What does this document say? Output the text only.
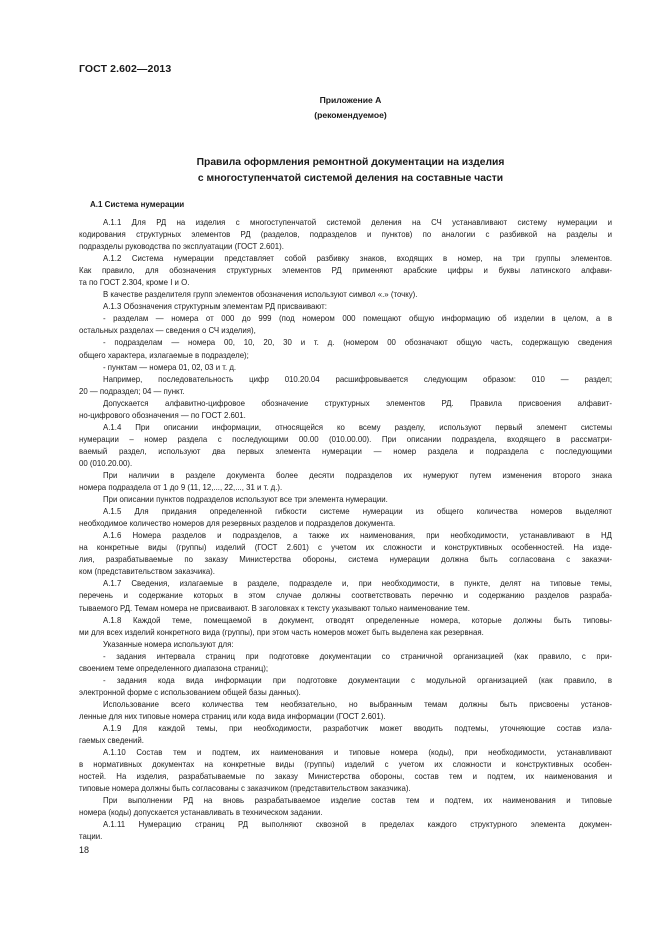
ГОСТ 2.602—2013
Приложение А
(рекомендуемое)
Правила оформления ремонтной документации на изделия
с многоступенчатой системой деления на составные части
А.1 Система нумерации
А.1.1 Для РД на изделия с многоступенчатой системой деления на СЧ устанавливают систему нумерации и
кодирования структурных элементов РД (разделов, подразделов и пунктов) по аналогии с разбивкой на разделы и
подразделы руководства по эксплуатации (ГОСТ 2.601).
А.1.2 Система нумерации представляет собой разбивку знаков, входящих в номер, на три группы элементов.
Как правило, для обозначения структурных элементов РД применяют арабские цифры и буквы латинского алфави-
та по ГОСТ 2.304, кроме I и O.
В качестве разделителя групп элементов обозначения используют символ «.» (точку).
А.1.3 Обозначения структурным элементам РД присваивают:
- разделам — номера от 000 до 999 (под номером 000 помещают общую информацию об изделии в целом, а в
остальных разделах — сведения о СЧ изделия),
- подразделам — номера 00, 10, 20, 30 и т. д. (номером 00 обозначают общую часть, содержащую сведения
общего характера, излагаемые в подразделе);
- пунктам — номера 01, 02, 03 и т. д.
Например, последовательность цифр 010.20.04 расшифровывается следующим образом: 010 — раздел;
20 — подраздел; 04 — пункт.
Допускается алфавитно-цифровое обозначение структурных элементов РД. Правила присвоения алфавит-
но-цифрового обозначения — по ГОСТ 2.601.
А.1.4 При описании информации, относящейся ко всему разделу, используют первый элемент системы
нумерации – номер раздела с последующими 00.00 (010.00.00). При описании подраздела, входящего в рассматри-
ваемый раздел, используют два первых элемента нумерации — номер раздела и подраздела с последующими
00 (010.20.00).
При наличии в разделе документа более десяти подразделов их нумеруют путем изменения второго знака
номера подраздела от 1 до 9 (11, 12,..., 22,..., 31 и т. д.).
При описании пунктов подразделов используют все три элемента нумерации.
А.1.5 Для придания определенной гибкости системе нумерации из общего количества номеров выделяют
необходимое количество номеров для резервных разделов и подразделов документа.
А.1.6 Номера разделов и подразделов, а также их наименования, при необходимости, устанавливают в НД
на конкретные виды (группы) изделий (ГОСТ 2.601) с учетом их сложности и конструктивных особенностей. На изде-
лия, разрабатываемые по заказу Министерства обороны, система нумерации должна быть согласована с заказчи-
ком (представительством заказчика).
А.1.7 Сведения, излагаемые в разделе, подразделе и, при необходимости, в пункте, делят на типовые темы,
перечень и содержание которых в этом случае должны соответствовать перечню и содержанию разделов разраба-
тываемого РД. Темам номера не присваивают. В заголовках к тексту указывают только наименование тем.
А.1.8 Каждой теме, помещаемой в документ, отводят определенные номера, которые должны быть типовы-
ми для всех изделий конкретного вида (группы), при этом часть номеров может быть выделена как резервная.
Указанные номера используют для:
- задания интервала страниц при подготовке документации со страничной организацией (как правило, с при-
своением теме определенного диапазона страниц);
- задания кода вида информации при подготовке документации с модульной организацией (как правило, в
электронной форме с использованием общей базы данных).
Использование всего количества тем необязательно, но выбранным темам должны быть присвоены установ-
ленные для них типовые номера страниц или кода вида информации (ГОСТ 2.601).
А.1.9 Для каждой темы, при необходимости, разработчик может вводить подтемы, уточняющие состав изла-
гаемых сведений.
А.1.10 Состав тем и подтем, их наименования и типовые номера (коды), при необходимости, устанавливают
в нормативных документах на конкретные виды (группы) изделий с учетом их сложности и конструктивных особен-
ностей. На изделия, разрабатываемые по заказу Министерства обороны, состав тем и подтем, их наименования и
типовые номера должны быть согласованы с заказчиком (представительством заказчика).
При выполнении РД на вновь разрабатываемое изделие состав тем и подтем, их наименования и типовые
номера (коды) допускается устанавливать в техническом задании.
А.1.11 Нумерацию страниц РД выполняют сквозной в пределах каждого структурного элемента докумен-
тации.
18
